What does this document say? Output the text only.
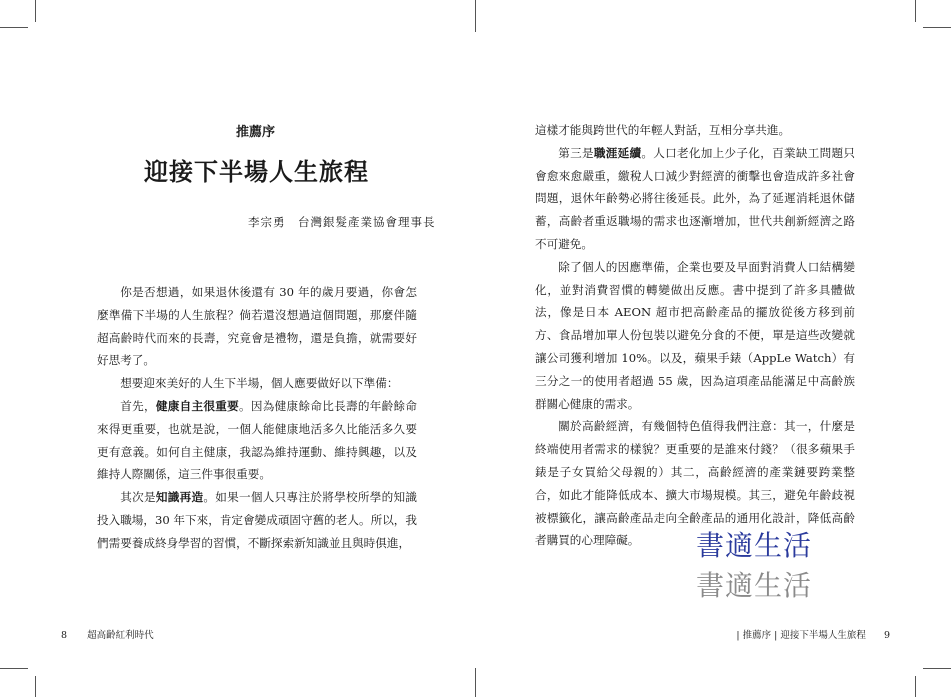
推薦序
迎接下半場人生旅程
李宗勇　台灣銀髮產業協會理事長

你是否想過，如果退休後還有 30 年的歲月要過，你會怎麼準備下半場的人生旅程？倘若還沒想過這個問題，那麼伴隨超高齡時代而來的長壽，究竟會是禮物，還是負擔，就需要好好思考了。

想要迎來美好的人生下半場，個人應要做好以下準備：

首先，健康自主很重要。因為健康餘命比長壽的年齡餘命來得更重要，也就是說，一個人能健康地活多久比能活多久要更有意義。如何自主健康，我認為維持運動、維持興趣，以及維持人際關係，這三件事很重要。

其次是知識再造。如果一個人只專注於將學校所學的知識投入職場，30 年下來，肯定會變成頑固守舊的老人。所以，我們需要養成終身學習的習慣，不斷探索新知識並且與時俱進，

8 超高齡紅利時代

這樣才能與跨世代的年輕人對話，互相分享共進。

第三是職涯延續。人口老化加上少子化，百業缺工問題只會愈來愈嚴重，繳稅人口減少對經濟的衝擊也會造成許多社會問題，退休年齡勢必將往後延長。此外，為了延遲消耗退休儲蓄，高齡者重返職場的需求也逐漸增加，世代共創新經濟之路不可避免。

除了個人的因應準備，企業也要及早面對消費人口結構變化，並對消費習慣的轉變做出反應。書中提到了許多具體做法，像是日本 AEON 超市把高齡產品的擺放從後方移到前方、食品增加單人份包裝以避免分食的不便，單是這些改變就讓公司獲利增加 10%。以及，蘋果手錶（AppLe Watch）有三分之一的使用者超過 55 歲，因為這項產品能滿足中高齡族群關心健康的需求。

關於高齡經濟，有幾個特色值得我們注意：其一，什麼是終端使用者需求的樣貌？更重要的是誰來付錢？（很多蘋果手錶是子女買給父母親的）其二，高齡經濟的產業鏈要跨業整合，如此才能降低成本、擴大市場規模。其三，避免年齡歧視被標籤化，讓高齡產品走向全齡產品的通用化設計，降低高齡者購買的心理障礙。

| 推薦序 | 迎接下半場人生旅程 9
書適生活
書適生活
